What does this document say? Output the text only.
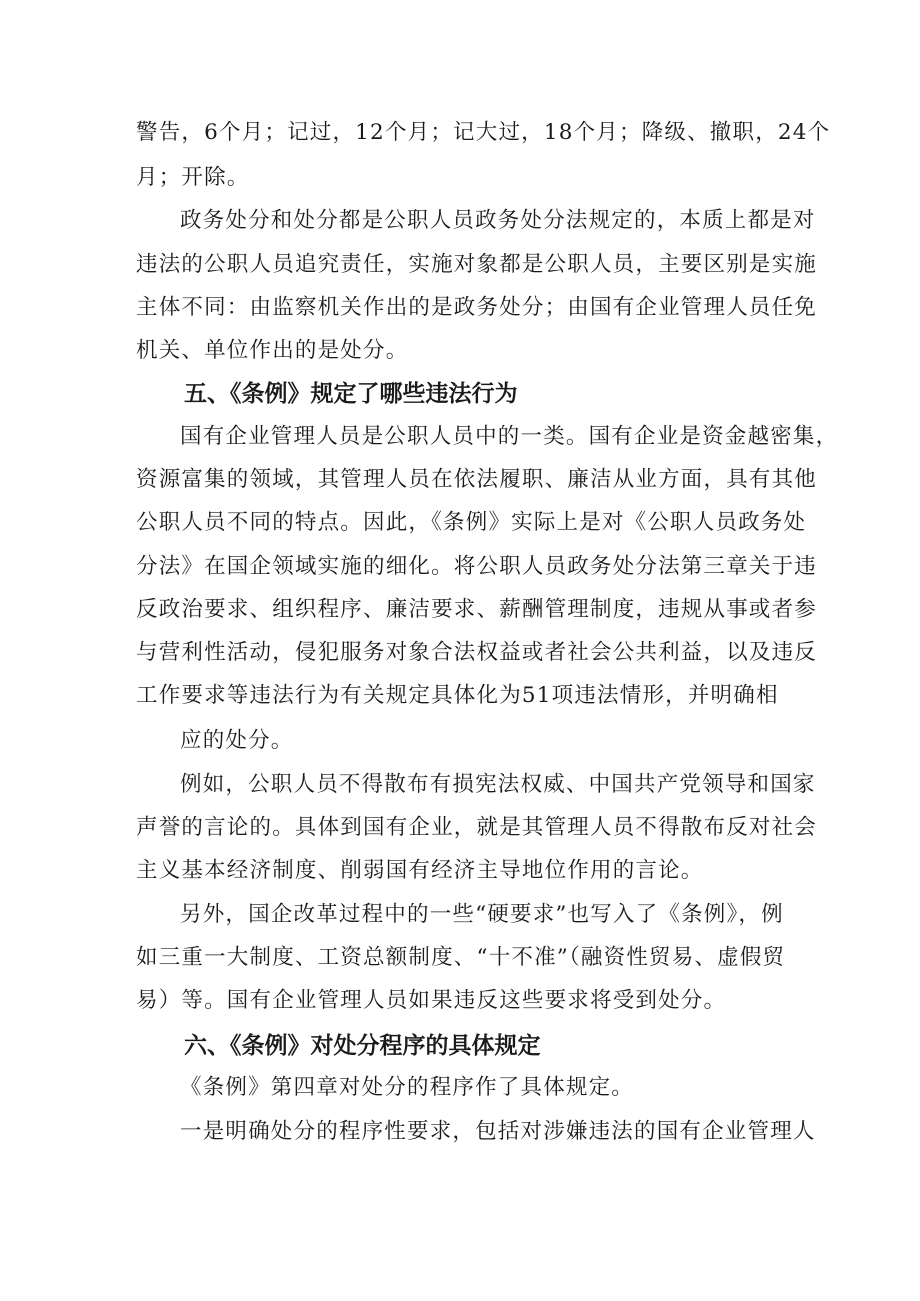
警告，6个月；记过，12个月；记大过，18个月；降级、撤职，24个
月；开除。
政务处分和处分都是公职人员政务处分法规定的，本质上都是对
违法的公职人员追究责任，实施对象都是公职人员，主要区别是实施
主体不同：由监察机关作出的是政务处分；由国有企业管理人员任免
机关、单位作出的是处分。
五、《条例》规定了哪些违法行为
国有企业管理人员是公职人员中的一类。国有企业是资金越密集，
资源富集的领域，其管理人员在依法履职、廉洁从业方面，具有其他
公职人员不同的特点。因此，《条例》实际上是对《公职人员政务处
分法》在国企领域实施的细化。将公职人员政务处分法第三章关于违
反政治要求、组织程序、廉洁要求、薪酬管理制度，违规从事或者参
与营利性活动，侵犯服务对象合法权益或者社会公共利益，以及违反
工作要求等违法行为有关规定具体化为51项违法情形，并明确相
应的处分。
例如，公职人员不得散布有损宪法权威、中国共产党领导和国家
声誉的言论的。具体到国有企业，就是其管理人员不得散布反对社会
主义基本经济制度、削弱国有经济主导地位作用的言论。
另外，国企改革过程中的一些“硬要求”也写入了《条例》，例
如三重一大制度、工资总额制度、“十不准”（融资性贸易、虚假贸
易）等。国有企业管理人员如果违反这些要求将受到处分。
六、《条例》对处分程序的具体规定
《条例》第四章对处分的程序作了具体规定。
一是明确处分的程序性要求，包括对涉嫌违法的国有企业管理人
